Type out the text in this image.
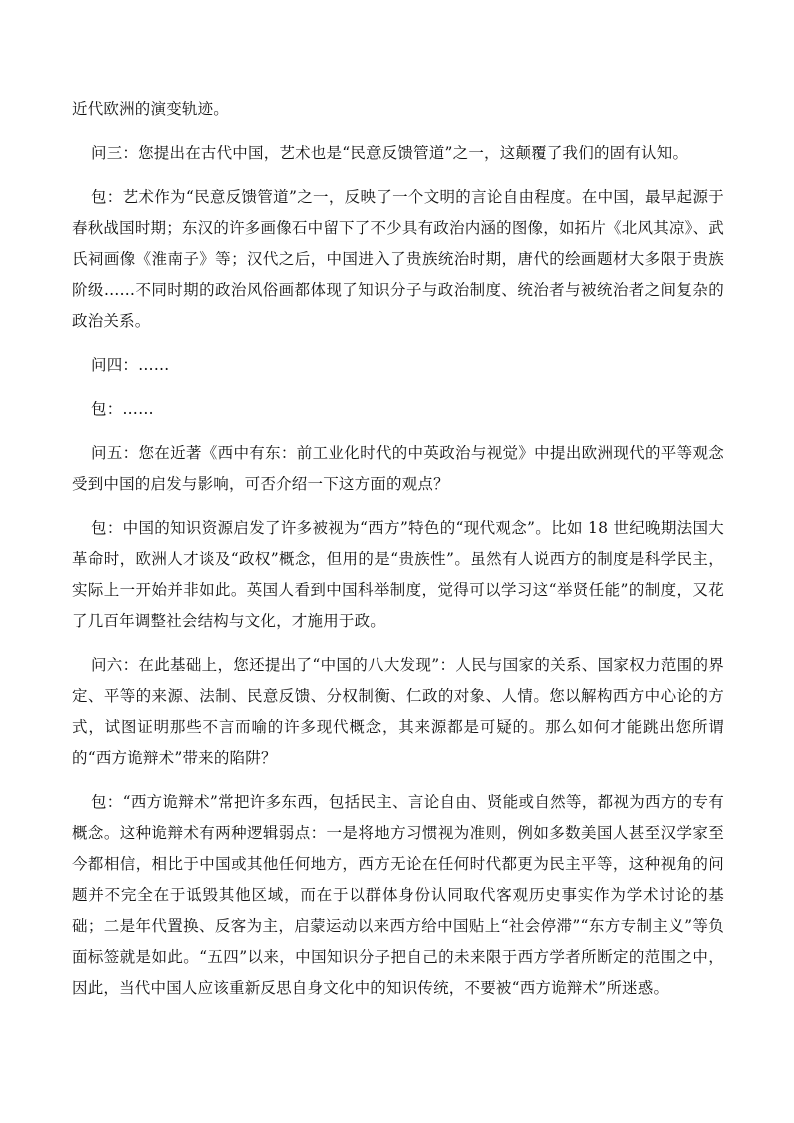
近代欧洲的演变轨迹。

问三：您提出在古代中国，艺术也是“民意反馈管道”之一，这颠覆了我们的固有认知。

包：艺术作为“民意反馈管道”之一，反映了一个文明的言论自由程度。在中国，最早起源于春秋战国时期；东汉的许多画像石中留下了不少具有政治内涵的图像，如拓片《北风其凉》、武氏祠画像《淮南子》等；汉代之后，中国进入了贵族统治时期，唐代的绘画题材大多限于贵族阶级……不同时期的政治风俗画都体现了知识分子与政治制度、统治者与被统治者之间复杂的政治关系。

问四：……

包：……

问五：您在近著《西中有东：前工业化时代的中英政治与视觉》中提出欧洲现代的平等观念受到中国的启发与影响，可否介绍一下这方面的观点？

包：中国的知识资源启发了许多被视为“西方”特色的“现代观念”。比如 18 世纪晚期法国大革命时，欧洲人才谈及“政权”概念，但用的是“贵族性”。虽然有人说西方的制度是科学民主，实际上一开始并非如此。英国人看到中国科举制度，觉得可以学习这“举贤任能”的制度，又花了几百年调整社会结构与文化，才施用于政。

问六：在此基础上，您还提出了“中国的八大发现”：人民与国家的关系、国家权力范围的界定、平等的来源、法制、民意反馈、分权制衡、仁政的对象、人情。您以解构西方中心论的方式，试图证明那些不言而喻的许多现代概念，其来源都是可疑的。那么如何才能跳出您所谓的“西方诡辩术”带来的陷阱？

包：“西方诡辩术”常把许多东西，包括民主、言论自由、贤能或自然等，都视为西方的专有概念。这种诡辩术有两种逻辑弱点：一是将地方习惯视为准则，例如多数美国人甚至汉学家至今都相信，相比于中国或其他任何地方，西方无论在任何时代都更为民主平等，这种视角的问题并不完全在于诋毁其他区域，而在于以群体身份认同取代客观历史事实作为学术讨论的基础；二是年代置换、反客为主，启蒙运动以来西方给中国贴上“社会停滞”“东方专制主义”等负面标签就是如此。“五四”以来，中国知识分子把自己的未来限于西方学者所断定的范围之中，因此，当代中国人应该重新反思自身文化中的知识传统，不要被“西方诡辩术”所迷惑。
